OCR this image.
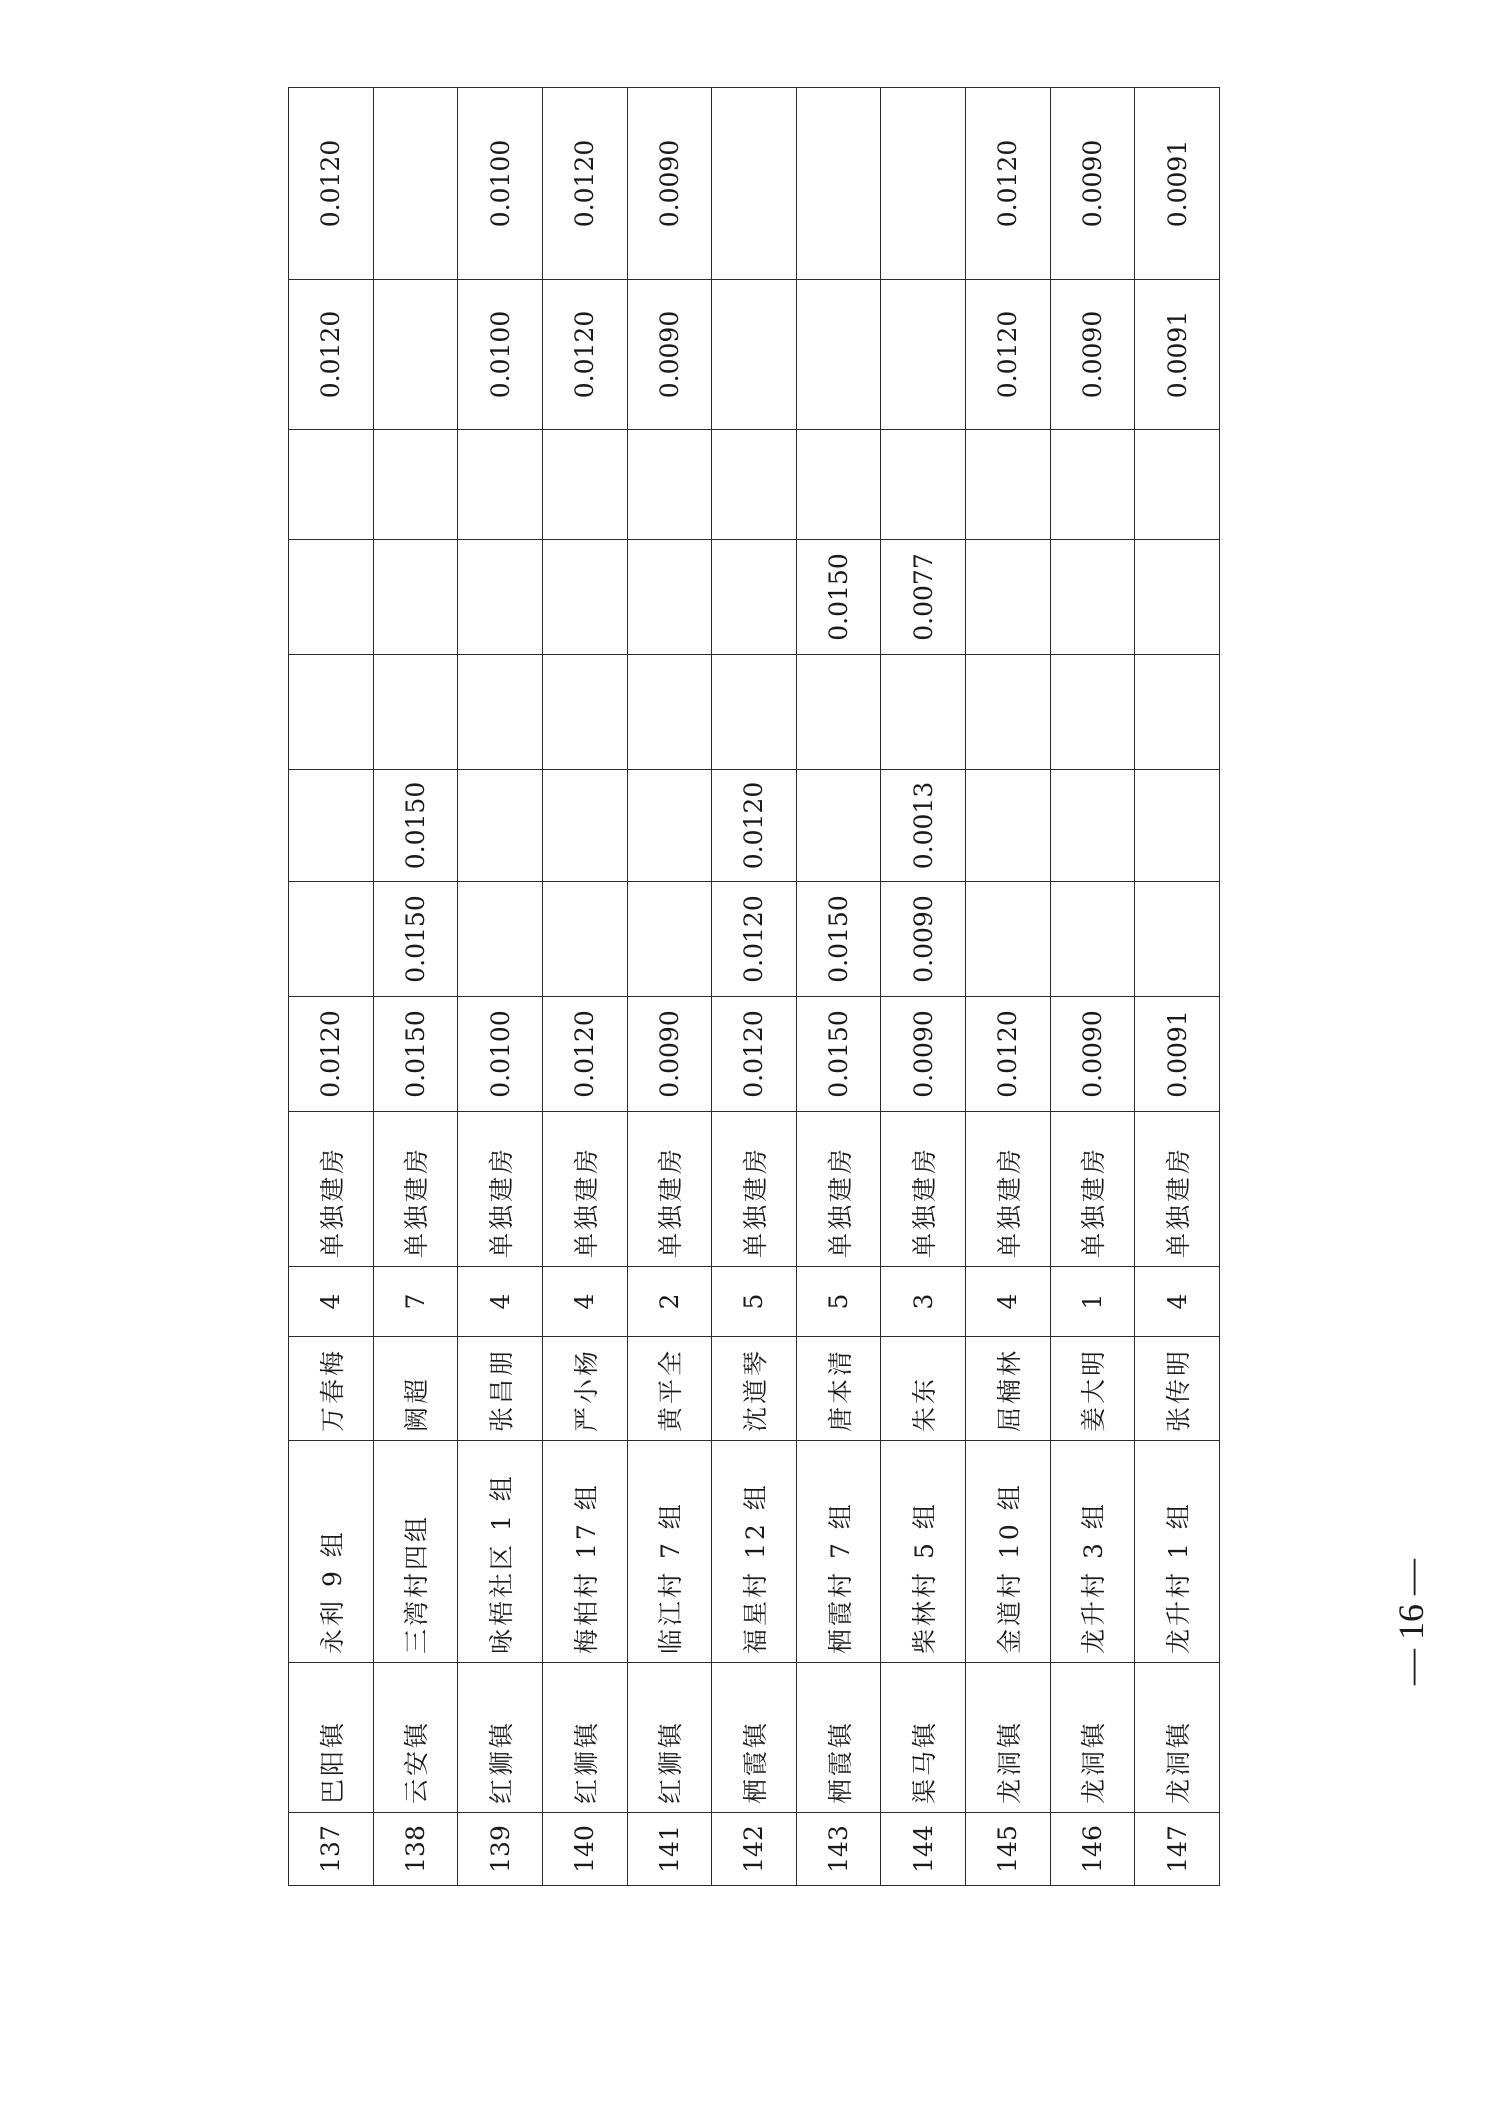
137	巴阳镇	永利 9 组	万春梅	4	单独建房	0.0120						0.0120	0.0120
138	云安镇	三湾村四组	阙超	7	单独建房	0.0150	0.0150	0.0150					
139	红狮镇	咏梧社区 1 组	张昌朋	4	单独建房	0.0100						0.0100	0.0100
140	红狮镇	梅柏村 17 组	严小杨	4	单独建房	0.0120						0.0120	0.0120
141	红狮镇	临江村 7 组	黄平全	2	单独建房	0.0090						0.0090	0.0090
142	栖霞镇	福星村 12 组	沈道琴	5	单独建房	0.0120	0.0120	0.0120					
143	栖霞镇	栖霞村 7 组	唐本清	5	单独建房	0.0150	0.0150			0.0150			
144	渠马镇	柴林村 5 组	朱东	3	单独建房	0.0090	0.0090	0.0013		0.0077			
145	龙洞镇	金道村 10 组	屈楠林	4	单独建房	0.0120						0.0120	0.0120
146	龙洞镇	龙升村 3 组	姜大明	1	单独建房	0.0090						0.0090	0.0090
147	龙洞镇	龙升村 1 组	张传明	4	单独建房	0.0091						0.0091	0.0091
— 16 —
